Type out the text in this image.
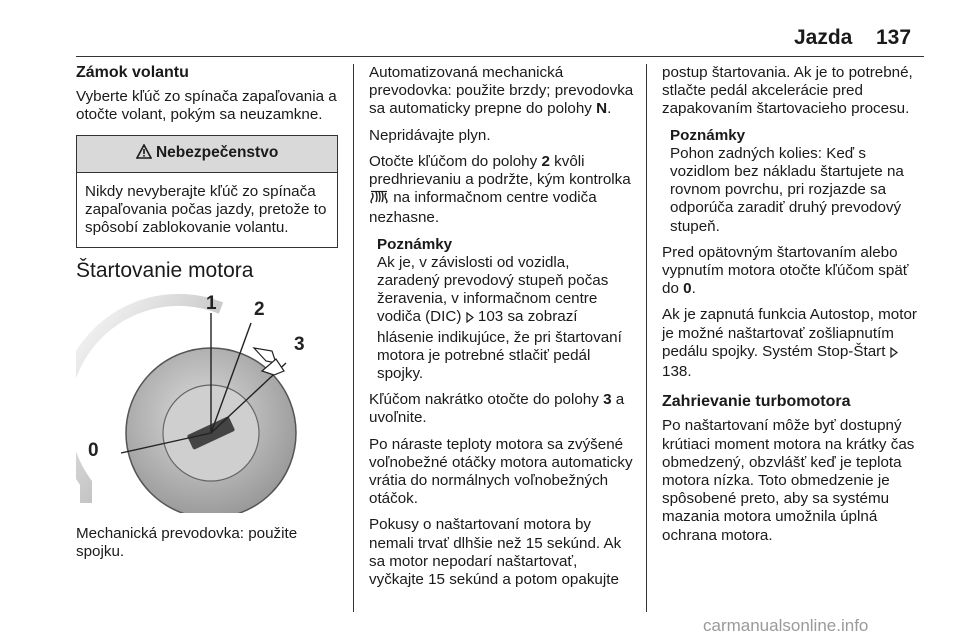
Jazda 137
Zámok volantu

Vyberte kľúč zo spínača zapaľovania a otočte volant, pokým sa neuzamkne.

Nebezpečenstvo
Nikdy nevyberajte kľúč zo spínača zapaľovania počas jazdy, pretože to spôsobí zablokovanie volantu.
Štartovanie motora
1 2
3
0

Mechanická prevodovka: použite spojku.

Automatizovaná mechanická prevodovka: použite brzdy; prevodovka sa automaticky prepne do polohy N.

Nepridávajte plyn.

Otočte kľúčom do polohy 2 kvôli predhrievaniu a podržte, kým kontrolka  na informačnom centre vodiča nezhasne.

Poznámky
Ak je, v závislosti od vozidla, zaradený prevodový stupeň počas žeravenia, v informačnom centre vodiča (DIC) 103 sa zobrazí hlásenie indikujúce, že pri štartovaní motora je potrebné stlačiť pedál spojky.

Kľúčom nakrátko otočte do polohy 3 a uvoľnite.

Po náraste teploty motora sa zvýšené voľnobežné otáčky motora automaticky vrátia do normálnych voľnobežných otáčok.

Pokusy o naštartovaní motora by nemali trvať dlhšie než 15 sekúnd. Ak sa motor nepodarí naštartovať, vyčkajte 15 sekúnd a potom opakujte

postup štartovania. Ak je to potrebné, stlačte pedál akcelerácie pred zapakovaním štartovacieho procesu.

Poznámky
Pohon zadných kolies: Keď s vozidlom bez nákladu štartujete na rovnom povrchu, pri rozjazde sa odporúča zaradiť druhý prevodový stupeň.

Pred opätovným štartovaním alebo vypnutím motora otočte kľúčom späť do 0.

Ak je zapnutá funkcia Autostop, motor je možné naštartovať zošliapnutím pedálu spojky. Systém Stop-Štart  138.

Zahrievanie turbomotora

Po naštartovaní môže byť dostupný krútiaci moment motora na krátky čas obmedzený, obzvlášť keď je teplota motora nízka. Toto obmedzenie je spôsobené preto, aby sa systému mazania motora umožnila úplná ochrana motora.

carmanualsonline.info
